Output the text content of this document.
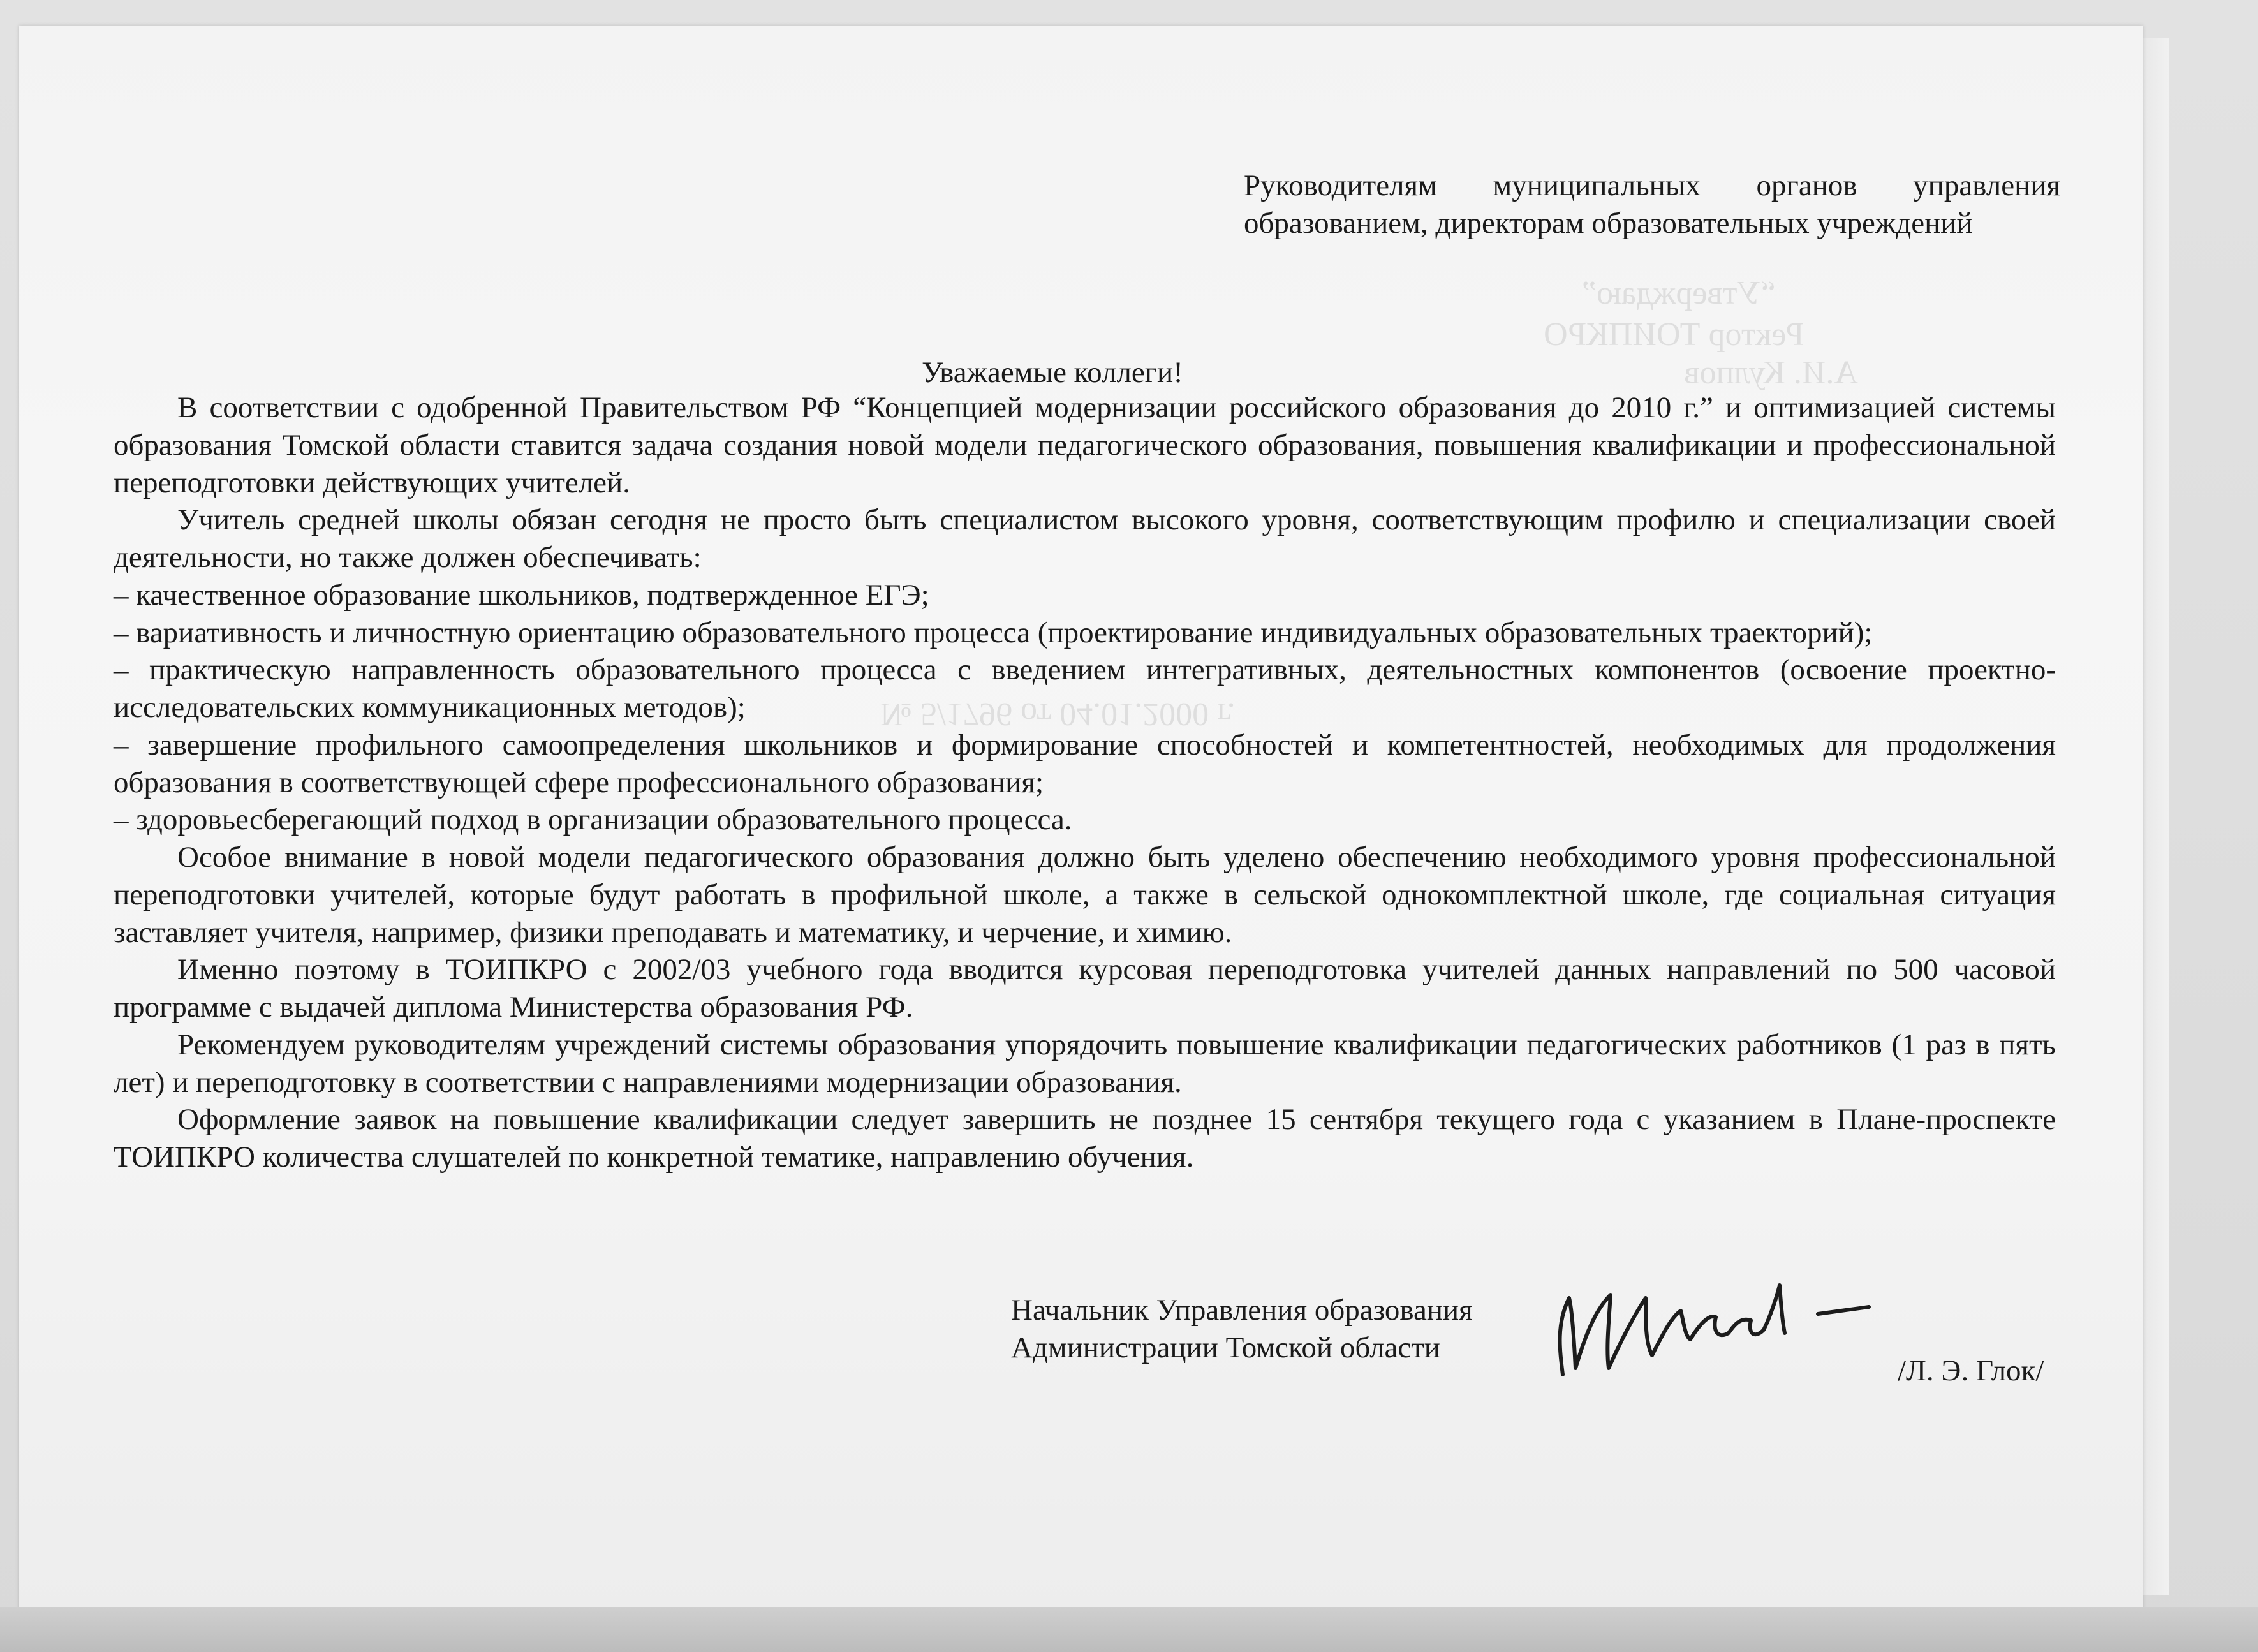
“Утверждаю”
Ректор ТОИПКРО
А.И. Кулпов
№ 5/1796 от 04.01.2000 г.
Руководителям муниципальных органов управления образованием, директорам образовательных учреждений
Уважаемые коллеги!

В соответствии с одобренной Правительством РФ “Концепцией модернизации российского образования до 2010 г.” и оптимизацией системы образования Томской области ставится задача создания новой модели педагогического образования, повышения квалификации и профессиональной переподготовки действующих учителей.

Учитель средней школы обязан сегодня не просто быть специалистом высокого уровня, соответствующим профилю и специализации своей деятельности, но также должен обеспечивать:

– качественное образование школьников, подтвержденное ЕГЭ;

– вариативность и личностную ориентацию образовательного процесса (проектирование индивидуальных образовательных траекторий);

– практическую направленность образовательного процесса с введением интегративных, деятельностных компонентов (освоение проектно-исследовательских коммуникационных методов);

– завершение профильного самоопределения школьников и формирование способностей и компетентностей, необходимых для продолжения образования в соответствующей сфере профессионального образования;

– здоровьесберегающий подход в организации образовательного процесса.

Особое внимание в новой модели педагогического образования должно быть уделено обеспечению необходимого уровня профессиональной переподготовки учителей, которые будут работать в профильной школе, а также в сельской однокомплектной школе, где социальная ситуация заставляет учителя, например, физики преподавать и математику, и черчение, и химию.

Именно поэтому в ТОИПКРО с 2002/03 учебного года вводится курсовая переподготовка учителей данных направлений по 500 часовой программе с выдачей диплома Министерства образования РФ.

Рекомендуем руководителям учреждений системы образования упорядочить повышение квалификации педагогических работников (1 раз в пять лет) и переподготовку в соответствии с направлениями модернизации образования.

Оформление заявок на повышение квалификации следует завершить не позднее 15 сентября текущего года с указанием в Плане-проспекте ТОИПКРО количества слушателей по конкретной тематике, направлению обучения.

Начальник Управления образования
Администрации Томской области
/Л. Э. Глок/
